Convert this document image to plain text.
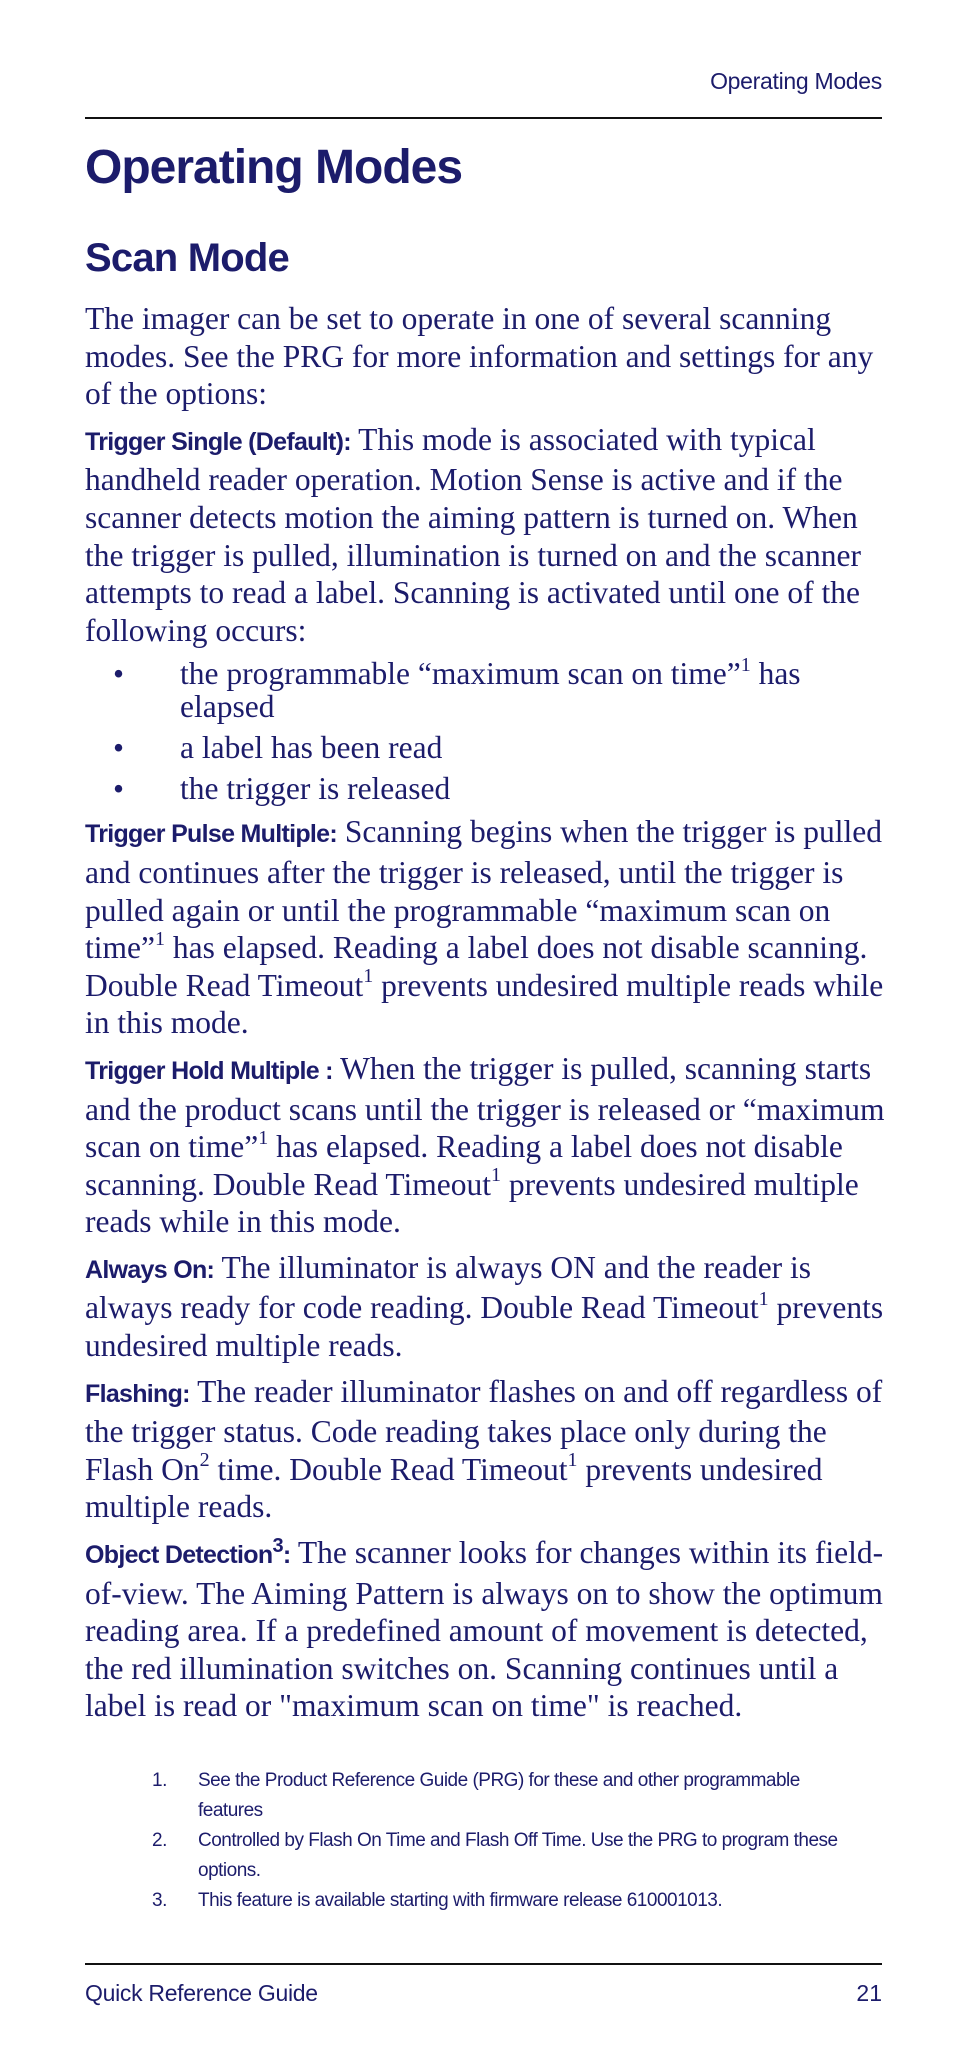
Operating Modes
Operating Modes
Scan Mode

The imager can be set to operate in one of several scanning modes. See the PRG for more information and settings for any of the options:

Trigger Single (Default): This mode is associated with typical handheld reader operation. Motion Sense is active and if the scanner detects motion the aiming pattern is turned on. When the trigger is pulled, illumination is turned on and the scanner attempts to read a label. Scanning is activated until one of the following occurs:

• the programmable “maximum scan on time”$^1$ has elapsed
• a label has been read
• the trigger is released

Trigger Pulse Multiple: Scanning begins when the trigger is pulled and continues after the trigger is released, until the trigger is pulled again or until the programmable “maximum scan on time”$^1$ has elapsed. Reading a label does not disable scanning. Double Read Timeout$^1$ prevents undesired multiple reads while in this mode.

Trigger Hold Multiple : When the trigger is pulled, scanning starts and the product scans until the trigger is released or “maximum scan on time”$^1$ has elapsed. Reading a label does not disable scanning. Double Read Timeout$^1$ prevents undesired multiple reads while in this mode.

Always On: The illuminator is always ON and the reader is always ready for code reading. Double Read Timeout$^1$ prevents undesired multiple reads.

Flashing: The reader illuminator flashes on and off regardless of the trigger status. Code reading takes place only during the Flash On$^2$ time. Double Read Timeout$^1$ prevents undesired multiple reads.

Object Detection$^3$: The scanner looks for changes within its field-of-view. The Aiming Pattern is always on to show the optimum reading area. If a predefined amount of movement is detected, the red illumination switches on. Scanning continues until a label is read or "maximum scan on time" is reached.

1. See the Product Reference Guide (PRG) for these and other programmable features
2. Controlled by Flash On Time and Flash Off Time. Use the PRG to program these options.
3. This feature is available starting with firmware release 610001013.
Quick Reference Guide	21
